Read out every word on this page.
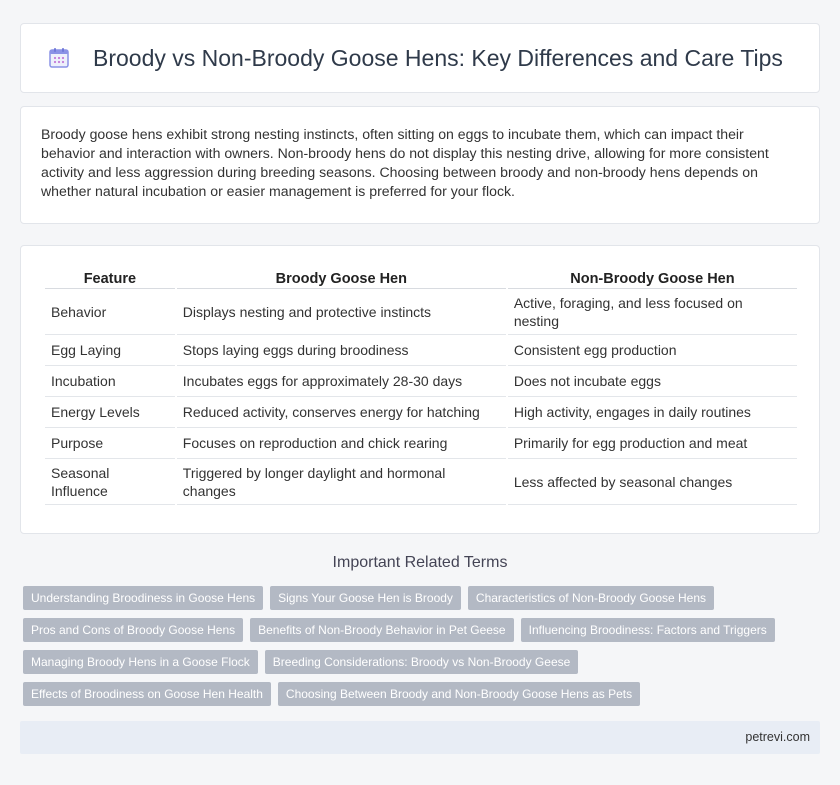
Broody vs Non-Broody Goose Hens: Key Differences and Care Tips

Broody goose hens exhibit strong nesting instincts, often sitting on eggs to incubate them, which can impact their behavior and interaction with owners. Non-broody hens do not display this nesting drive, allowing for more consistent activity and less aggression during breeding seasons. Choosing between broody and non-broody hens depends on whether natural incubation or easier management is preferred for your flock.

Feature	Broody Goose Hen	Non-Broody Goose Hen
Behavior	Displays nesting and protective instincts	Active, foraging, and less focused on nesting
Egg Laying	Stops laying eggs during broodiness	Consistent egg production
Incubation	Incubates eggs for approximately 28-30 days	Does not incubate eggs
Energy Levels	Reduced activity, conserves energy for hatching	High activity, engages in daily routines
Purpose	Focuses on reproduction and chick rearing	Primarily for egg production and meat
Seasonal Influence	Triggered by longer daylight and hormonal changes	Less affected by seasonal changes
Important Related Terms
Understanding Broodiness in Goose Hens	Signs Your Goose Hen is Broody	Characteristics of Non-Broody Goose Hens
Pros and Cons of Broody Goose Hens	Benefits of Non-Broody Behavior in Pet Geese	Influencing Broodiness: Factors and Triggers
Managing Broody Hens in a Goose Flock	Breeding Considerations: Broody vs Non-Broody Geese
Effects of Broodiness on Goose Hen Health	Choosing Between Broody and Non-Broody Goose Hens as Pets
petrevi.com
